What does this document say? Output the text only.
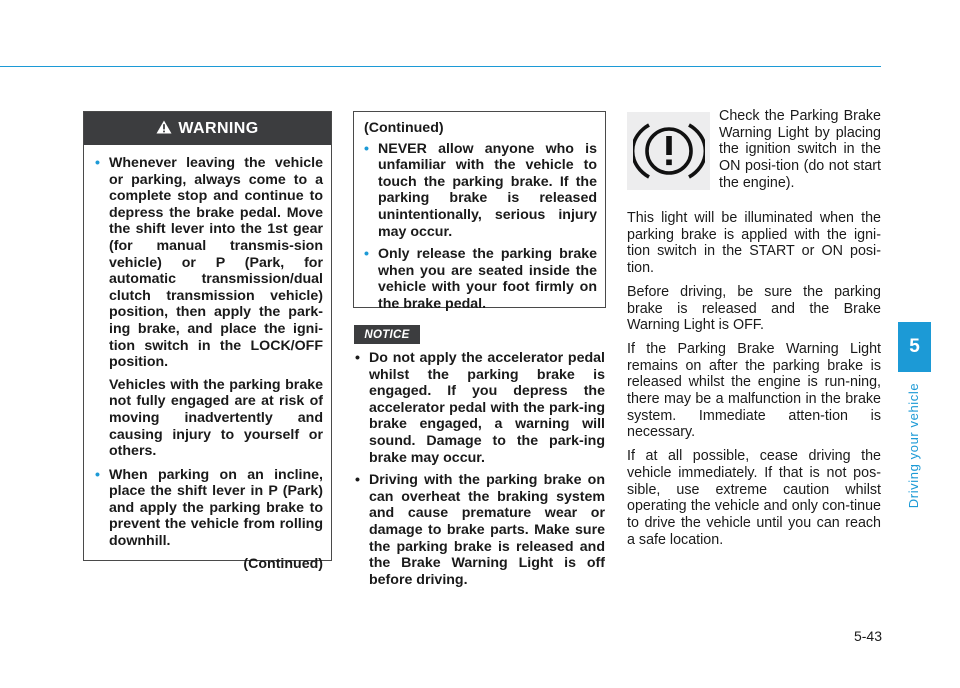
5
Driving your vehicle
WARNING
• Whenever leaving the vehicle or parking, always come to a complete stop and continue to depress the brake pedal. Move the shift lever into the 1st gear (for manual transmis-sion vehicle) or P (Park, for automatic transmission/dual clutch transmission vehicle) position, then apply the park-ing brake, and place the igni-tion switch in the LOCK/OFF position.
Vehicles with the parking brake not fully engaged are at risk of moving inadvertently and causing injury to yourself or others.
• When parking on an incline, place the shift lever in P (Park) and apply the parking brake to prevent the vehicle from rolling downhill.
(Continued)
(Continued)
• NEVER allow anyone who is unfamiliar with the vehicle to touch the parking brake. If the parking brake is released unintentionally, serious injury may occur.
• Only release the parking brake when you are seated inside the vehicle with your foot firmly on the brake pedal.
NOTICE
• Do not apply the accelerator pedal whilst the parking brake is engaged. If you depress the accelerator pedal with the park-ing brake engaged, a warning will sound. Damage to the park-ing brake may occur.
• Driving with the parking brake on can overheat the braking system and cause premature wear or damage to brake parts. Make sure the parking brake is released and the Brake Warning Light is off before driving.
Check the Parking Brake Warning Light by placing the ignition switch in the ON posi-tion (do not start the engine).

This light will be illuminated when the parking brake is applied with the igni-tion switch in the START or ON posi-tion.

Before driving, be sure the parking brake is released and the Brake Warning Light is OFF.

If the Parking Brake Warning Light remains on after the parking brake is released whilst the engine is run-ning, there may be a malfunction in the brake system. Immediate atten-tion is necessary.

If at all possible, cease driving the vehicle immediately. If that is not pos-sible, use extreme caution whilst operating the vehicle and only con-tinue to drive the vehicle until you can reach a safe location.

5-43
